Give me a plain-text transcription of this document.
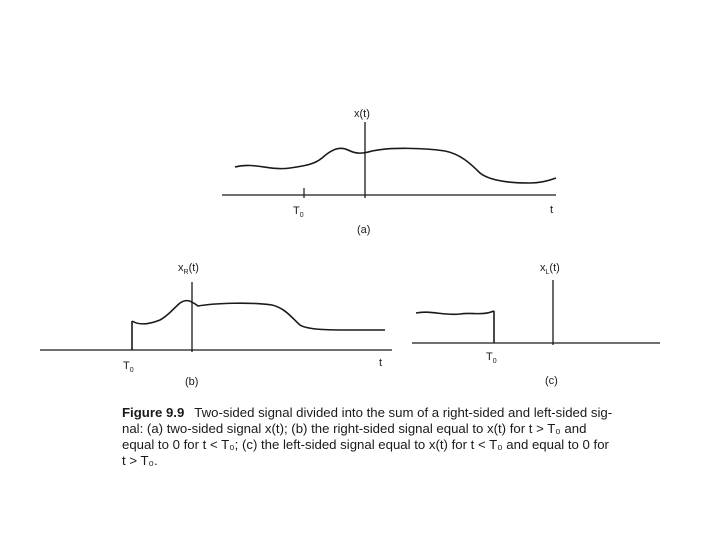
x(t)
t
$T_0$
(a)
$x_R(t)$
t
$T_0$
(b)
$x_L(t)$
$T_0$
(c)
Figure 9.9 Two-sided signal divided into the sum of a right-sided and left-sided sig-
nal: (a) two-sided signal x(t); (b) the right-sided signal equal to x(t) for t > T₀ and
equal to 0 for t < T₀; (c) the left-sided signal equal to x(t) for t < T₀ and equal to 0 for
t > T₀.
